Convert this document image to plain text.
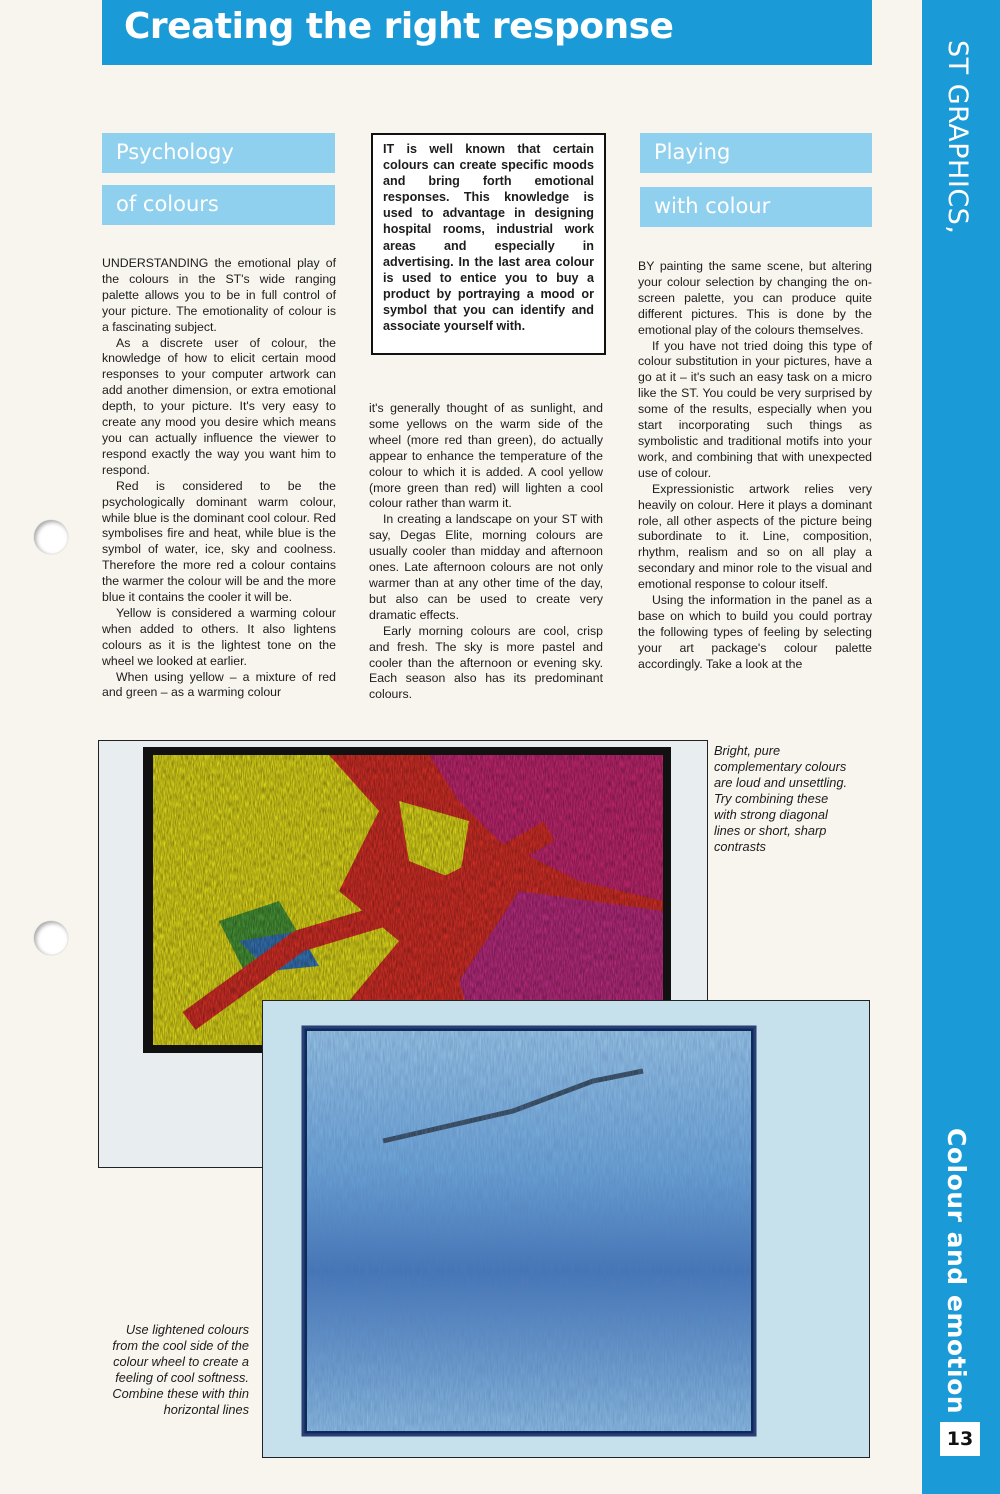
Creating the right response
ST GRAPHICS,
Colour and emotion
13
Psychology
of colours
Playing
with colour
IT is well known that certain colours can create specific moods and bring forth emotional responses. This knowledge is used to advantage in designing hospital rooms, industrial work areas and especially in advertising. In the last area colour is used to entice you to buy a product by portraying a mood or symbol that you can identify and associate yourself with.

UNDERSTANDING the emotional play of the colours in the ST's wide ranging palette allows you to be in full control of your picture. The emotionality of colour is a fascinating subject.

As a discrete user of colour, the knowledge of how to elicit certain mood responses to your computer artwork can add another dimension, or extra emotional depth, to your picture. It's very easy to create any mood you desire which means you can actually influence the viewer to respond exactly the way you want him to respond.

Red is considered to be the psychologically dominant warm colour, while blue is the dominant cool colour. Red symbolises fire and heat, while blue is the symbol of water, ice, sky and coolness. Therefore the more red a colour contains the warmer the colour will be and the more blue it contains the cooler it will be.

Yellow is considered a warming colour when added to others. It also lightens colours as it is the lightest tone on the wheel we looked at earlier.

When using yellow – a mixture of red and green – as a warming colour

it's generally thought of as sunlight, and some yellows on the warm side of the wheel (more red than green), do actually appear to enhance the temperature of the colour to which it is added. A cool yellow (more green than red) will lighten a cool colour rather than warm it.

In creating a landscape on your ST with say, Degas Elite, morning colours are usually cooler than midday and afternoon ones. Late afternoon colours are not only warmer than at any other time of the day, but also can be used to create very dramatic effects.

Early morning colours are cool, crisp and fresh. The sky is more pastel and cooler than the afternoon or evening sky. Each season also has its predominant colours.

BY painting the same scene, but altering your colour selection by changing the on-screen palette, you can produce quite different pictures. This is done by the emotional play of the colours themselves.

If you have not tried doing this type of colour substitution in your pictures, have a go at it – it's such an easy task on a micro like the ST. You could be very surprised by some of the results, especially when you start incorporating such things as symbolistic and traditional motifs into your work, and combining that with unexpected use of colour.

Expressionistic artwork relies very heavily on colour. Here it plays a dominant role, all other aspects of the picture being subordinate to it. Line, composition, rhythm, realism and so on all play a secondary and minor role to the visual and emotional response to colour itself.

Using the information in the panel as a base on which to build you could portray the following types of feeling by selecting your art package's colour palette accordingly. Take a look at the

Bright, pure complementary colours are loud and unsettling. Try combining these with strong diagonal lines or short, sharp contrasts
Use lightened colours from the cool side of the colour wheel to create a feeling of cool softness. Combine these with thin horizontal lines
